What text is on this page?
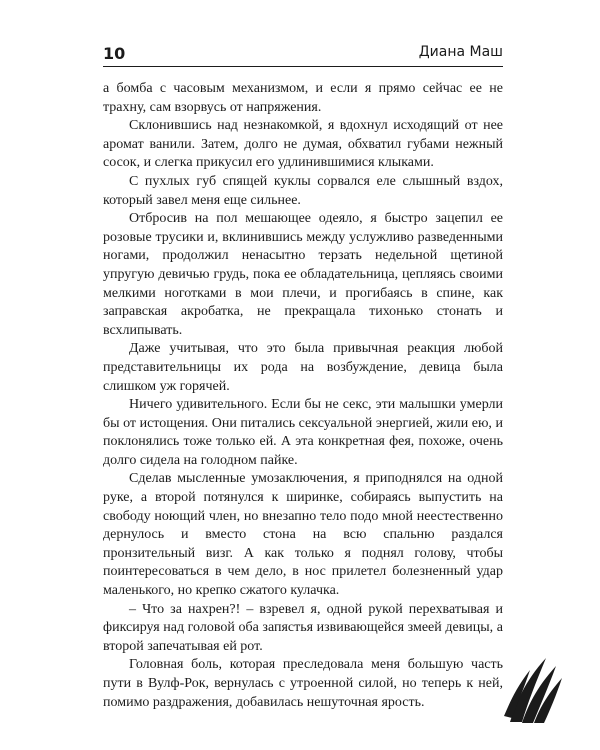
10	Диана Маш

а бомба с часовым механизмом, и если я прямо сейчас ее не трахну, сам взорвусь от напряжения.

Склонившись над незнакомкой, я вдохнул исходящий от нее аромат ванили. Затем, долго не думая, обхватил губами нежный сосок, и слегка прикусил его удлинившимися клыками.

С пухлых губ спящей куклы сорвался еле слышный вздох, который завел меня еще сильнее.

Отбросив на пол мешающее одеяло, я быстро зацепил ее розовые трусики и, вклинившись между услужливо разведенными ногами, продолжил ненасытно терзать недельной щетиной упругую девичью грудь, пока ее обладательница, цепляясь своими мелкими ноготками в мои плечи, и прогибаясь в спине, как заправская акробатка, не прекращала тихонько стонать и всхлипывать.

Даже учитывая, что это была привычная реакция любой представительницы их рода на возбуждение, девица была слишком уж горячей.

Ничего удивительного. Если бы не секс, эти малышки умерли бы от истощения. Они питались сексуальной энергией, жили ею, и поклонялись тоже только ей. А эта конкретная фея, похоже, очень долго сидела на голодном пайке.

Сделав мысленные умозаключения, я приподнялся на одной руке, а второй потянулся к ширинке, собираясь выпустить на свободу ноющий член, но внезапно тело подо мной неестественно дернулось и вместо стона на всю спальню раздался пронзительный визг. А как только я поднял голову, чтобы поинтересоваться в чем дело, в нос прилетел болезненный удар маленького, но крепко сжатого кулачка.

– Что за нахрен?! – взревел я, одной рукой перехватывая и фиксируя над головой оба запястья извивающейся змеей девицы, а второй запечатывая ей рот.

Головная боль, которая преследовала меня большую часть пути в Вулф-Рок, вернулась с утроенной силой, но теперь к ней, помимо раздражения, добавилась нешуточная ярость.
